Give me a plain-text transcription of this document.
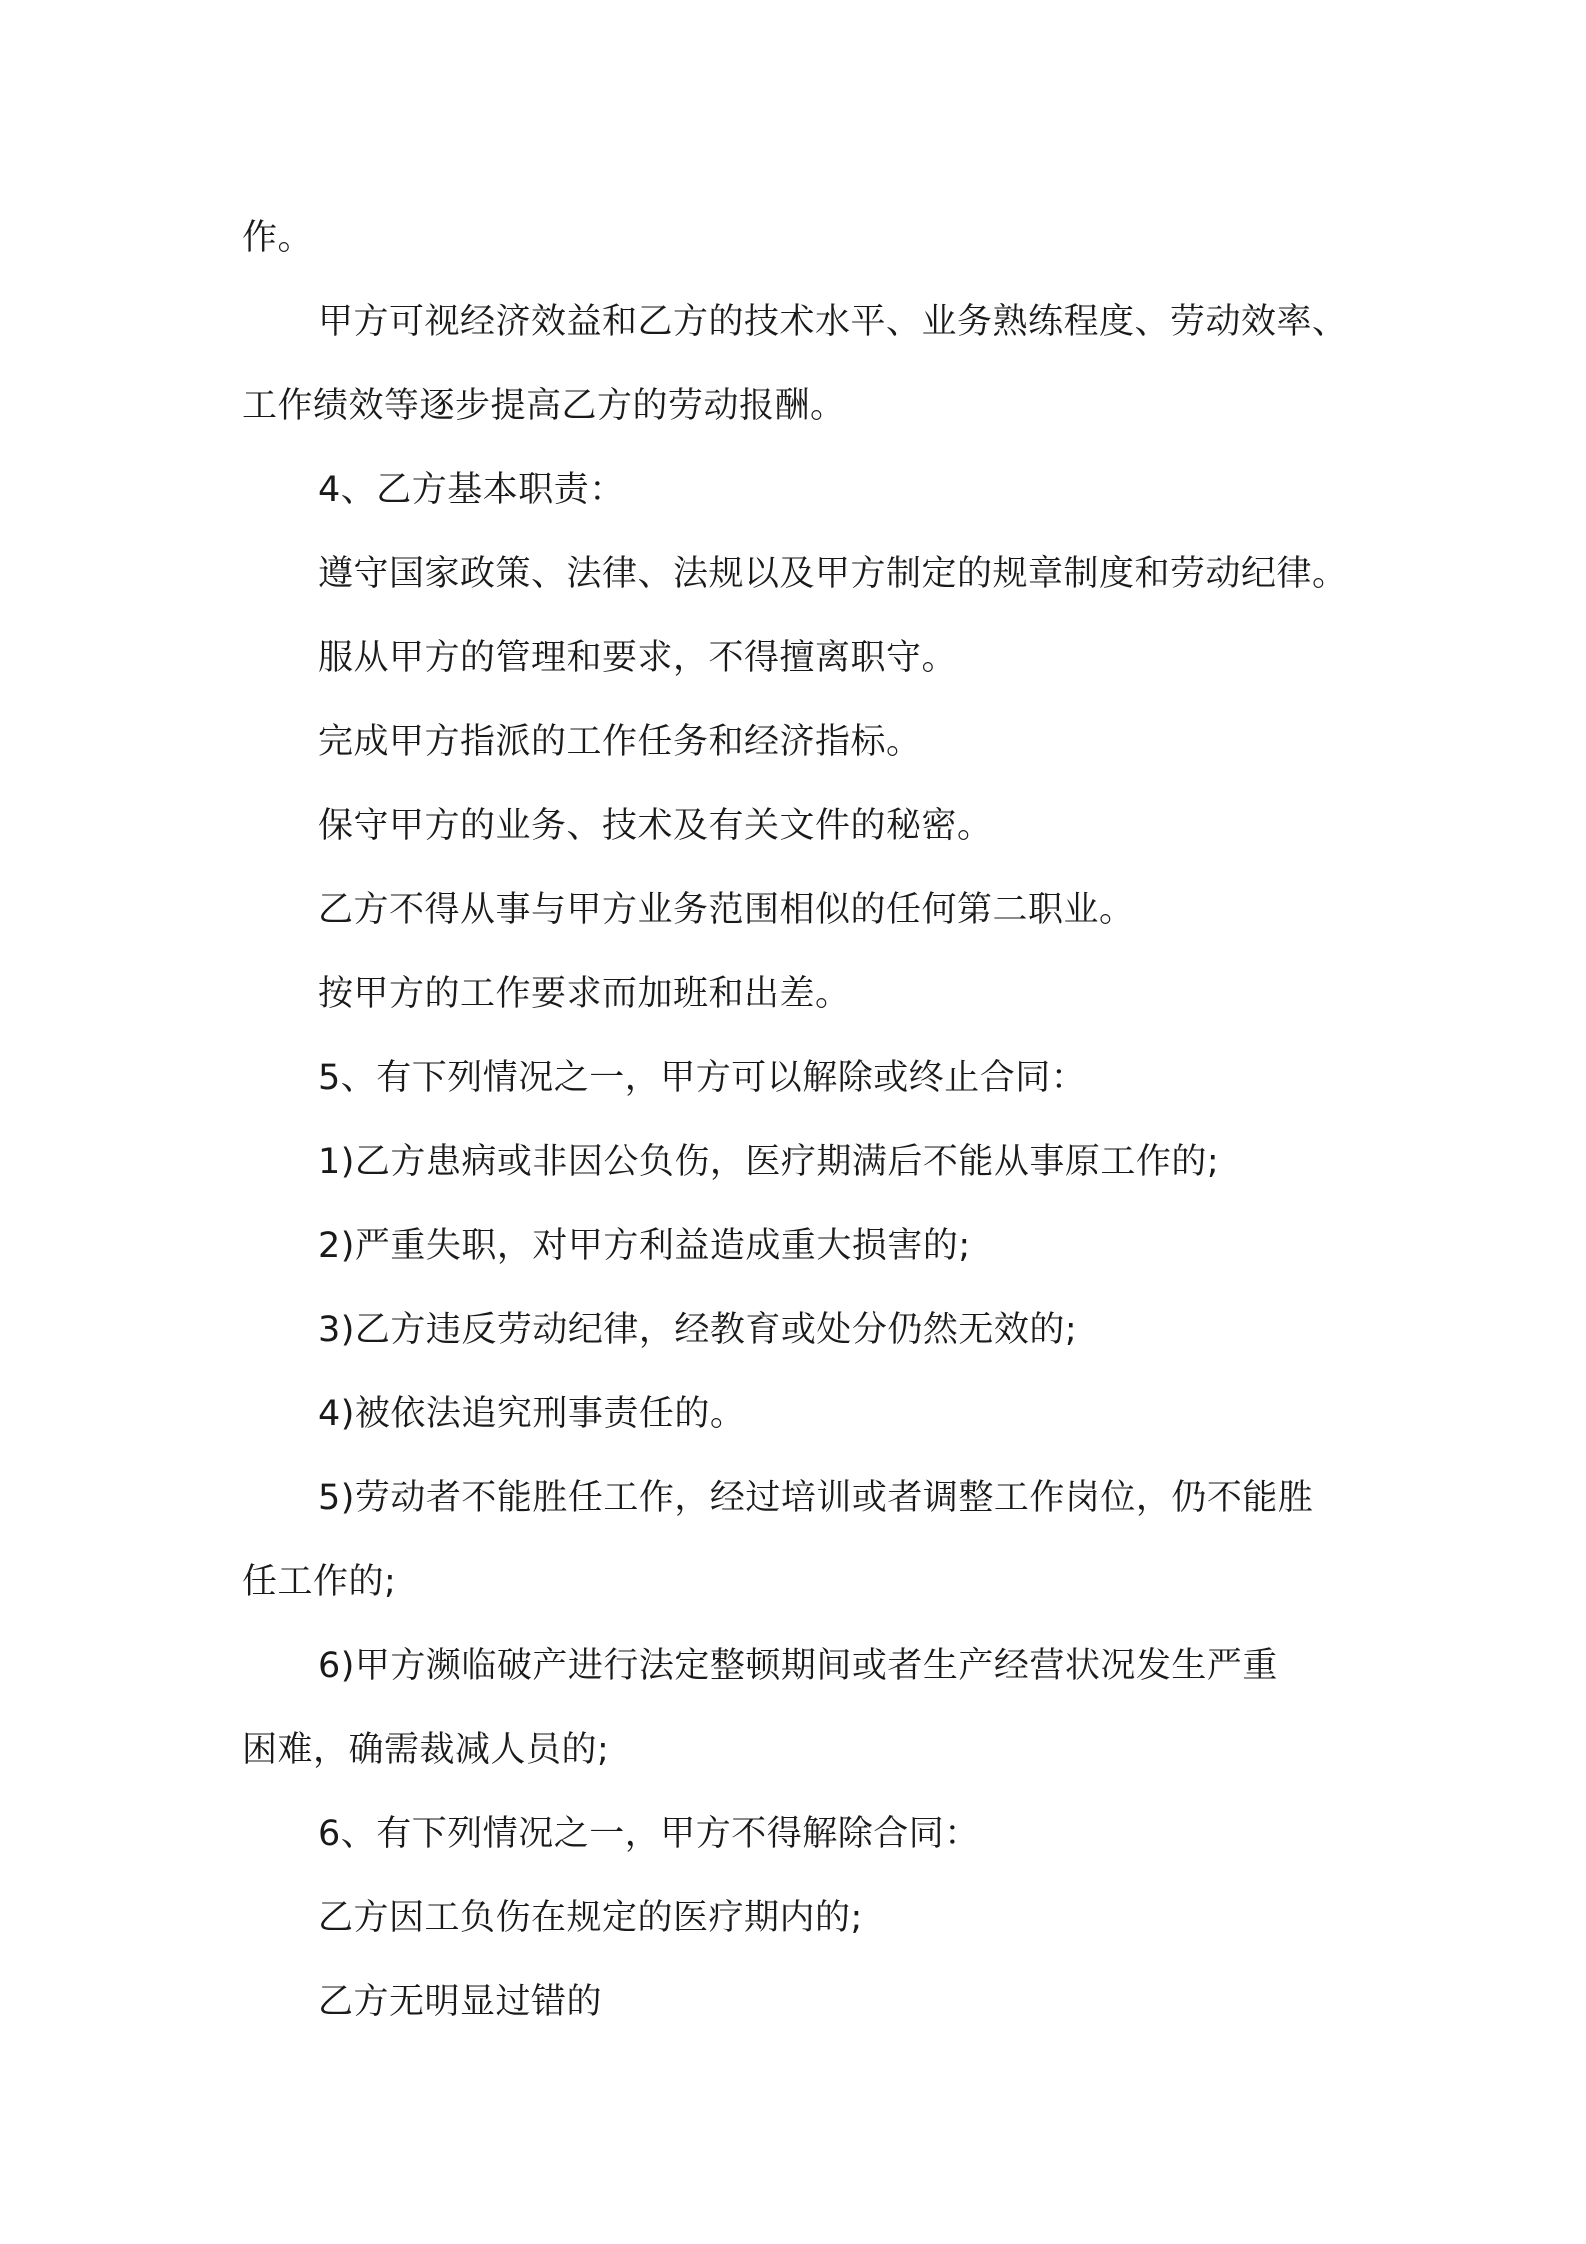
作。
甲方可视经济效益和乙方的技术水平、业务熟练程度、劳动效率、
工作绩效等逐步提高乙方的劳动报酬。
4、乙方基本职责：
遵守国家政策、法律、法规以及甲方制定的规章制度和劳动纪律。
服从甲方的管理和要求，不得擅离职守。
完成甲方指派的工作任务和经济指标。
保守甲方的业务、技术及有关文件的秘密。
乙方不得从事与甲方业务范围相似的任何第二职业。
按甲方的工作要求而加班和出差。
5、有下列情况之一，甲方可以解除或终止合同：
1)乙方患病或非因公负伤，医疗期满后不能从事原工作的;
2)严重失职，对甲方利益造成重大损害的;
3)乙方违反劳动纪律，经教育或处分仍然无效的;
4)被依法追究刑事责任的。
5)劳动者不能胜任工作，经过培训或者调整工作岗位，仍不能胜
任工作的;
6)甲方濒临破产进行法定整顿期间或者生产经营状况发生严重
困难，确需裁减人员的;
6、有下列情况之一，甲方不得解除合同：
乙方因工负伤在规定的医疗期内的;
乙方无明显过错的
